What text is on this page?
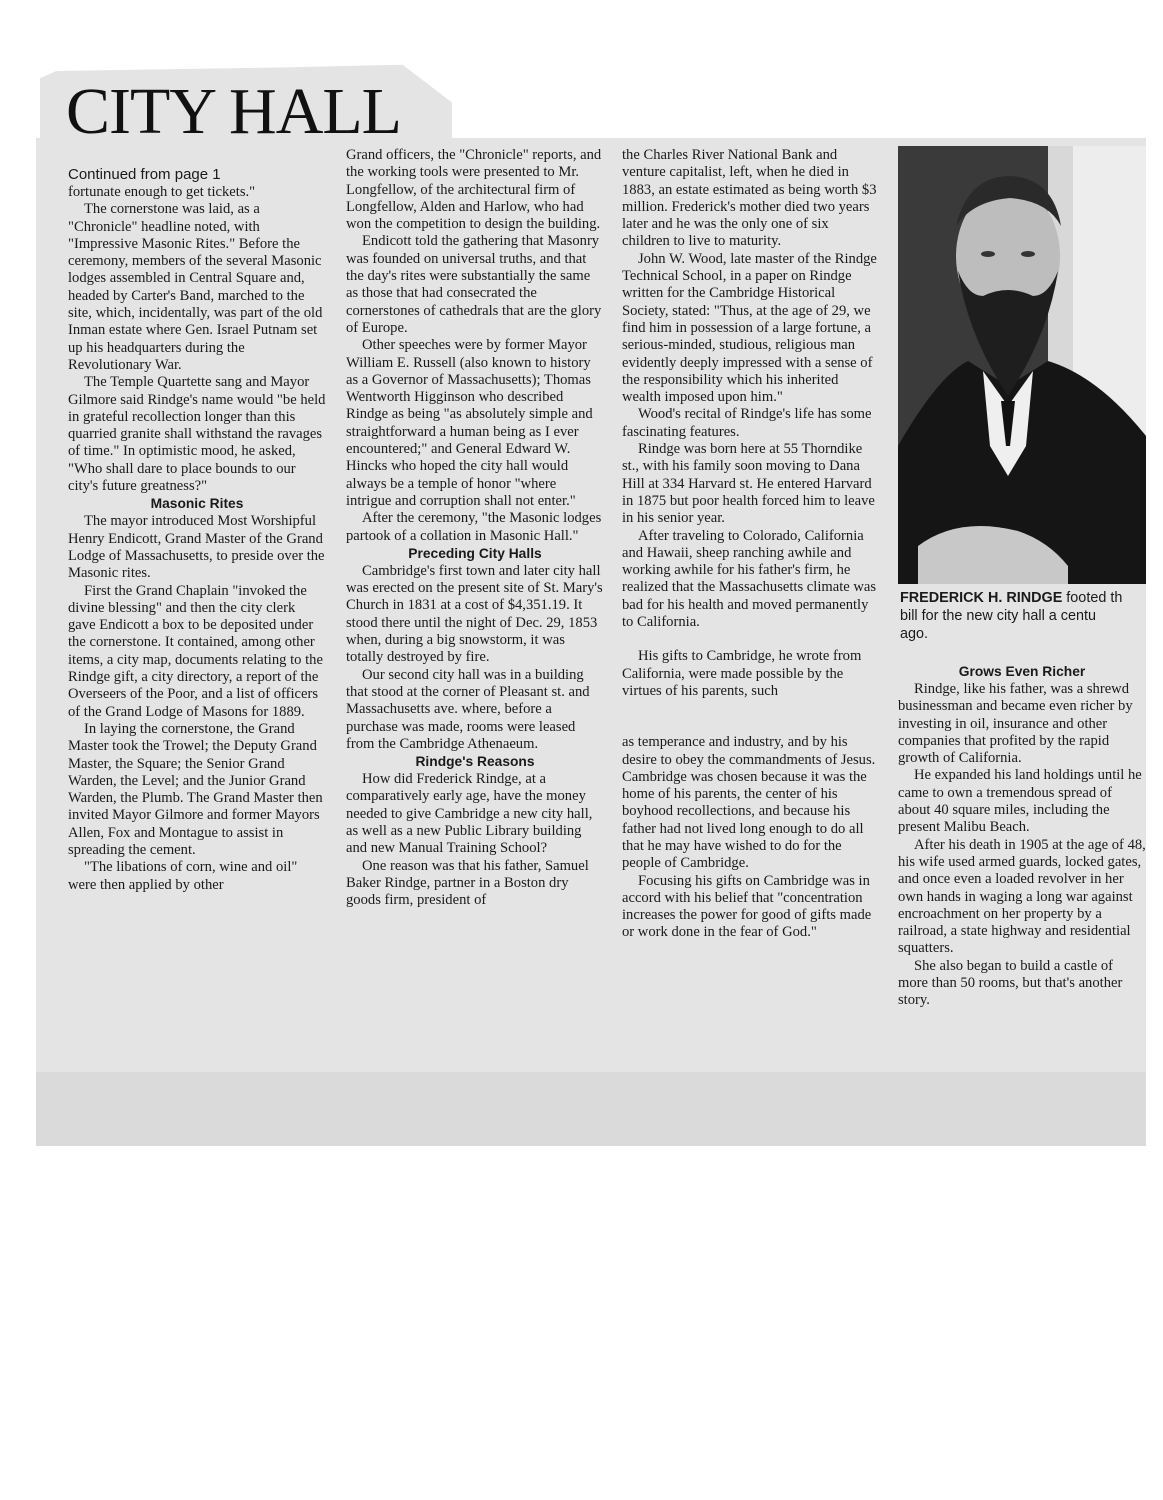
CITY HALL

Continued from page 1

fortunate enough to get tickets."

The cornerstone was laid, as a "Chronicle" headline noted, with "Impressive Masonic Rites." Before the ceremony, members of the several Masonic lodges assembled in Central Square and, headed by Carter's Band, marched to the site, which, incidentally, was part of the old Inman estate where Gen. Israel Putnam set up his headquarters during the Revolutionary War.

The Temple Quartette sang and Mayor Gilmore said Rindge's name would "be held in grateful recollection longer than this quarried granite shall withstand the ravages of time." In optimistic mood, he asked, "Who shall dare to place bounds to our city's future greatness?"

Masonic Rites

The mayor introduced Most Worshipful Henry Endicott, Grand Master of the Grand Lodge of Massachusetts, to preside over the Masonic rites.

First the Grand Chaplain "invoked the divine blessing" and then the city clerk gave Endicott a box to be deposited under the cornerstone. It contained, among other items, a city map, documents relating to the Rindge gift, a city directory, a report of the Overseers of the Poor, and a list of officers of the Grand Lodge of Masons for 1889.

In laying the cornerstone, the Grand Master took the Trowel; the Deputy Grand Master, the Square; the Senior Grand Warden, the Level; and the Junior Grand Warden, the Plumb. The Grand Master then invited Mayor Gilmore and former Mayors Allen, Fox and Montague to assist in spreading the cement.

"The libations of corn, wine and oil" were then applied by other

Grand officers, the "Chronicle" reports, and the working tools were presented to Mr. Longfellow, of the architectural firm of Longfellow, Alden and Harlow, who had won the competition to design the building.

Endicott told the gathering that Masonry was founded on universal truths, and that the day's rites were substantially the same as those that had consecrated the cornerstones of cathedrals that are the glory of Europe.

Other speeches were by former Mayor William E. Russell (also known to history as a Governor of Massachusetts); Thomas Wentworth Higginson who described Rindge as being "as absolutely simple and straightforward a human being as I ever encountered;" and General Edward W. Hincks who hoped the city hall would always be a temple of honor "where intrigue and corruption shall not enter."

After the ceremony, "the Masonic lodges partook of a collation in Masonic Hall."

Preceding City Halls

Cambridge's first town and later city hall was erected on the present site of St. Mary's Church in 1831 at a cost of $4,351.19. It stood there until the night of Dec. 29, 1853 when, during a big snowstorm, it was totally destroyed by fire.

Our second city hall was in a building that stood at the corner of Pleasant st. and Massachusetts ave. where, before a purchase was made, rooms were leased from the Cambridge Athenaeum.

Rindge's Reasons

How did Frederick Rindge, at a comparatively early age, have the money needed to give Cambridge a new city hall, as well as a new Public Library building and new Manual Training School?

One reason was that his father, Samuel Baker Rindge, partner in a Boston dry goods firm, president of

the Charles River National Bank and venture capitalist, left, when he died in 1883, an estate estimated as being worth $3 million. Frederick's mother died two years later and he was the only one of six children to live to maturity.

John W. Wood, late master of the Rindge Technical School, in a paper on Rindge written for the Cambridge Historical Society, stated: "Thus, at the age of 29, we find him in possession of a large fortune, a serious-minded, studious, religious man evidently deeply impressed with a sense of the responsibility which his inherited wealth imposed upon him."

Wood's recital of Rindge's life has some fascinating features.

Rindge was born here at 55 Thorndike st., with his family soon moving to Dana Hill at 334 Harvard st. He entered Harvard in 1875 but poor health forced him to leave in his senior year.

After traveling to Colorado, California and Hawaii, sheep ranching awhile and working awhile for his father's firm, he realized that the Massachusetts climate was bad for his health and moved permanently to California.

His gifts to Cambridge, he wrote from California, were made possible by the virtues of his parents, such

as temperance and industry, and by his desire to obey the commandments of Jesus. Cambridge was chosen because it was the home of his parents, the center of his boyhood recollections, and because his father had not lived long enough to do all that he may have wished to do for the people of Cambridge.

Focusing his gifts on Cambridge was in accord with his belief that "concentration increases the power for good of gifts made or work done in the fear of God."

FREDERICK H. RINDGE footed th
bill for the new city hall a centu
ago.
Grows Even Richer

Rindge, like his father, was a shrewd businessman and became even richer by investing in oil, insurance and other companies that profited by the rapid growth of California.

He expanded his land holdings until he came to own a tremendous spread of about 40 square miles, including the present Malibu Beach.

After his death in 1905 at the age of 48, his wife used armed guards, locked gates, and once even a loaded revolver in her own hands in waging a long war against encroachment on her property by a railroad, a state highway and residential squatters.

She also began to build a castle of more than 50 rooms, but that's another story.
